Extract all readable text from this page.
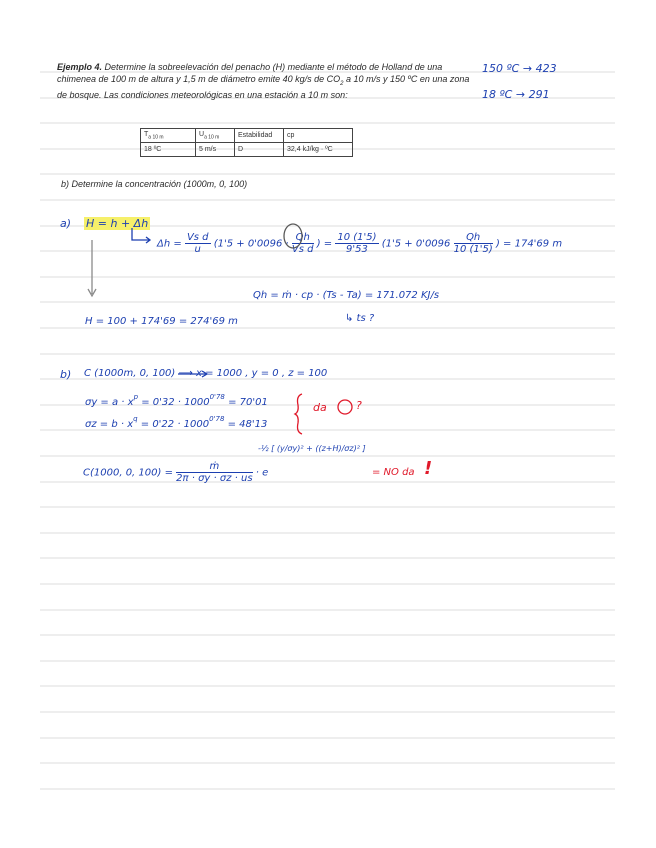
Ejemplo 4. Determine la sobreelevación del penacho (H) mediante el método de Holland de una chimenea de 100 m de altura y 1,5 m de diámetro emite 40 kg/s de $CO_2$ a 10 m/s y 150 ºC en una zona de bosque. Las condiciones meteorológicas en una estación a 10 m son:
$T_{a 10 m}$	$U_{a 10 m}$	Estabilidad	cp
18 ºC	5 m/s	D	32,4 kJ/kg · ºC
b) Determine la concentración (1000m, 0, 100)
150 ºC → 423
18 ºC → 291
a) H = h + Δh
$\Delta h = \frac{\text{Vs d}}{u} (1'5 + 0'0096 \cdot \frac{Qh}{\text{Vs d}}$ ) = $\frac{10 (1'5)}{9'53} (1'5 + 0'0096 \frac{Qh}{10 (1'5)}$ ) = 174'69 m
Qh = ṁ · cp · (Ts - Ta) = 171.072 KJ/s
↳ ts ?
H = 100 + 174'69 = 274'69 m
b) C (1000m, 0, 100) ⟶ x = 1000 , y = 0 , z = 100
$\sigma y = a \cdot x^p = 0'32 \cdot 1000^{0'78} = 70'01$
$\sigma z = b \cdot x^q = 0'22 \cdot 1000^{0'78} = 48'13$
da	?
C(1000, 0, $100) = \frac{\text{ṁ}}{2\pi \cdot \sigma y \cdot \sigma z \cdot us} \cdot e$
-½ [ (y/σy)² + ((z+H)/σz)² ]
= NO da !
